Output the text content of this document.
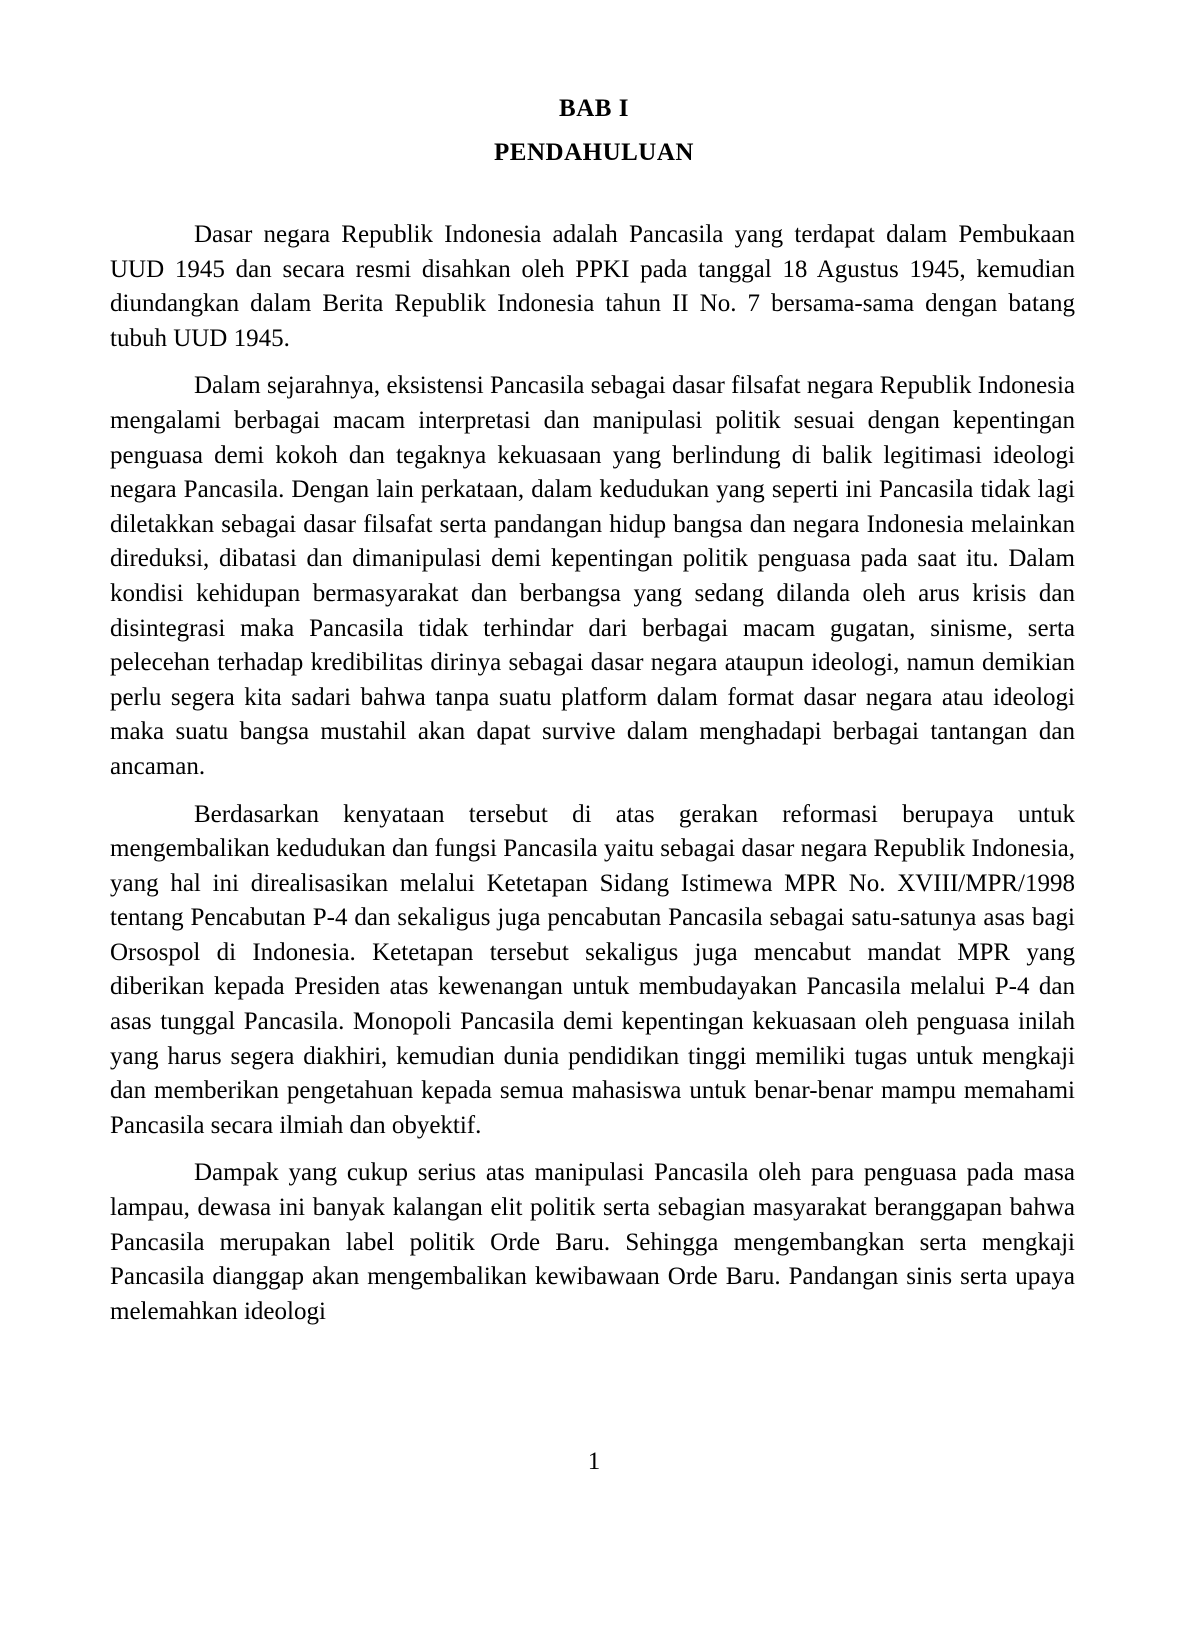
BAB I
PENDAHULUAN

Dasar negara Republik Indonesia adalah Pancasila yang terdapat dalam Pembukaan UUD 1945 dan secara resmi disahkan oleh PPKI pada tanggal 18 Agustus 1945, kemudian diundangkan dalam Berita Republik Indonesia tahun II No. 7 bersama-sama dengan batang tubuh UUD 1945.

Dalam sejarahnya, eksistensi Pancasila sebagai dasar filsafat negara Republik Indonesia mengalami berbagai macam interpretasi dan manipulasi politik sesuai dengan kepentingan penguasa demi kokoh dan tegaknya kekuasaan yang berlindung di balik legitimasi ideologi negara Pancasila. Dengan lain perkataan, dalam kedudukan yang seperti ini Pancasila tidak lagi diletakkan sebagai dasar filsafat serta pandangan hidup bangsa dan negara Indonesia melainkan direduksi, dibatasi dan dimanipulasi demi kepentingan politik penguasa pada saat itu. Dalam kondisi kehidupan bermasyarakat dan berbangsa yang sedang dilanda oleh arus krisis dan disintegrasi maka Pancasila tidak terhindar dari berbagai macam gugatan, sinisme, serta pelecehan terhadap kredibilitas dirinya sebagai dasar negara ataupun ideologi, namun demikian perlu segera kita sadari bahwa tanpa suatu platform dalam format dasar negara atau ideologi maka suatu bangsa mustahil akan dapat survive dalam menghadapi berbagai tantangan dan ancaman.

Berdasarkan kenyataan tersebut di atas gerakan reformasi berupaya untuk mengembalikan kedudukan dan fungsi Pancasila yaitu sebagai dasar negara Republik Indonesia, yang hal ini direalisasikan melalui Ketetapan Sidang Istimewa MPR No. XVIII/MPR/1998 tentang Pencabutan P-4 dan sekaligus juga pencabutan Pancasila sebagai satu-satunya asas bagi Orsospol di Indonesia. Ketetapan tersebut sekaligus juga mencabut mandat MPR yang diberikan kepada Presiden atas kewenangan untuk membudayakan Pancasila melalui P-4 dan asas tunggal Pancasila. Monopoli Pancasila demi kepentingan kekuasaan oleh penguasa inilah yang harus segera diakhiri, kemudian dunia pendidikan tinggi memiliki tugas untuk mengkaji dan memberikan pengetahuan kepada semua mahasiswa untuk benar-benar mampu memahami Pancasila secara ilmiah dan obyektif.

Dampak yang cukup serius atas manipulasi Pancasila oleh para penguasa pada masa lampau, dewasa ini banyak kalangan elit politik serta sebagian masyarakat beranggapan bahwa Pancasila merupakan label politik Orde Baru. Sehingga mengembangkan serta mengkaji Pancasila dianggap akan mengembalikan kewibawaan Orde Baru. Pandangan sinis serta upaya melemahkan ideologi

1
